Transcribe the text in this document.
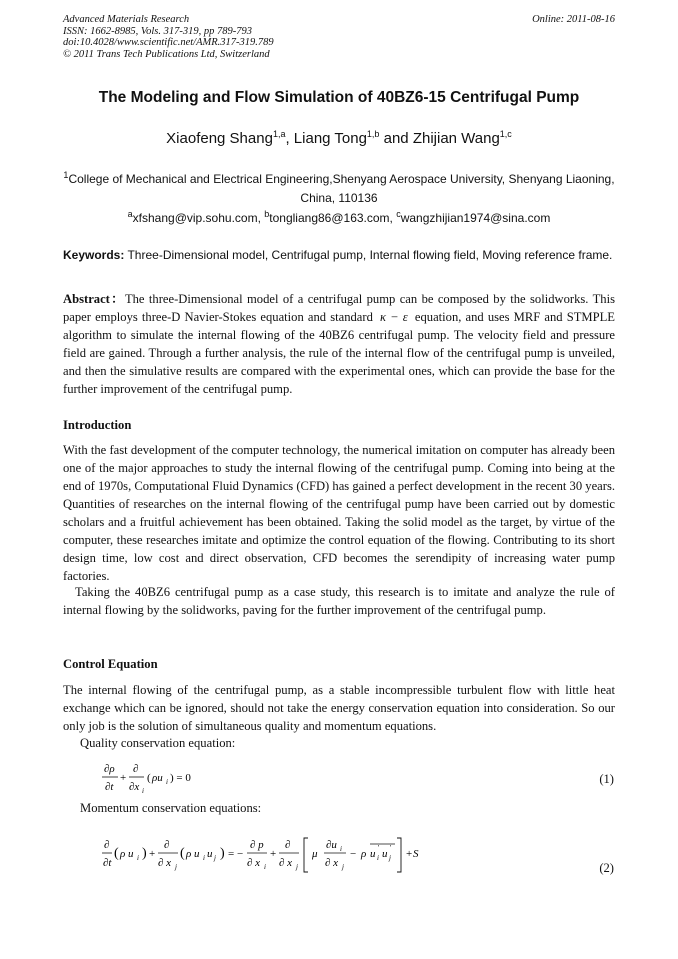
Advanced Materials Research
ISSN: 1662-8985, Vols. 317-319, pp 789-793
doi:10.4028/www.scientific.net/AMR.317-319.789
© 2011 Trans Tech Publications Ltd, Switzerland
Online: 2011-08-16
The Modeling and Flow Simulation of 40BZ6-15 Centrifugal Pump
Xiaofeng Shang$^{1,a}$, Liang Tong$^{1,b}$ and Zhijian Wang$^{1,c}$
$^1$College of Mechanical and Electrical Engineering,Shenyang Aerospace University, Shenyang Liaoning, China, 110136
$^a$xfshang@vip.sohu.com, $^b$tongliang86@163.com, $^c$wangzhijian1974@sina.com
Keywords: Three-Dimensional model, Centrifugal pump, Internal flowing field, Moving reference frame.
Abstract：The three-Dimensional model of a centrifugal pump can be composed by the solidworks. This paper employs three-D Navier-Stokes equation and standard κ − ε equation, and uses MRF and STMPLE algorithm to simulate the internal flowing of the 40BZ6 centrifugal pump. The velocity field and pressure field are gained. Through a further analysis, the rule of the internal flow of the centrifugal pump is unveiled, and then the simulative results are compared with the experimental ones, which can provide the base for the further improvement of the centrifugal pump.
Introduction
With the fast development of the computer technology, the numerical imitation on computer has already been one of the major approaches to study the internal flowing of the centrifugal pump. Coming into being at the end of 1970s, Computational Fluid Dynamics (CFD) has gained a perfect development in the recent 30 years. Quantities of researches on the internal flowing of the centrifugal pump have been carried out by domestic scholars and a fruitful achievement has been obtained. Taking the solid model as the target, by virtue of the computer, these researches imitate and optimize the control equation of the flowing. Contributing to its short design time, low cost and direct observation, CFD becomes the serendipity of increasing water pump factories.
Taking the 40BZ6 centrifugal pump as a case study, this research is to imitate and analyze the rule of internal flowing by the solidworks, paving for the further improvement of the centrifugal pump.
Control Equation
The internal flowing of the centrifugal pump, as a stable incompressible turbulent flow with little heat exchange which can be ignored, should not take the energy conservation equation into consideration. So our only job is the solution of simultaneous quality and momentum equations.
Quality conservation equation:
∂ρ
∂t
+
∂
∂x i
( ρu i ) = 0	(1)
Momentum conservation equations:
∂
∂t
( ρ u i ) +
∂
∂ x j
( ρ u i u j ) = −
∂ p
∂ x i
+
∂
∂ x j
μ
∂u i
∂ x j
− ρ u i
' u j
' + S
(2)
